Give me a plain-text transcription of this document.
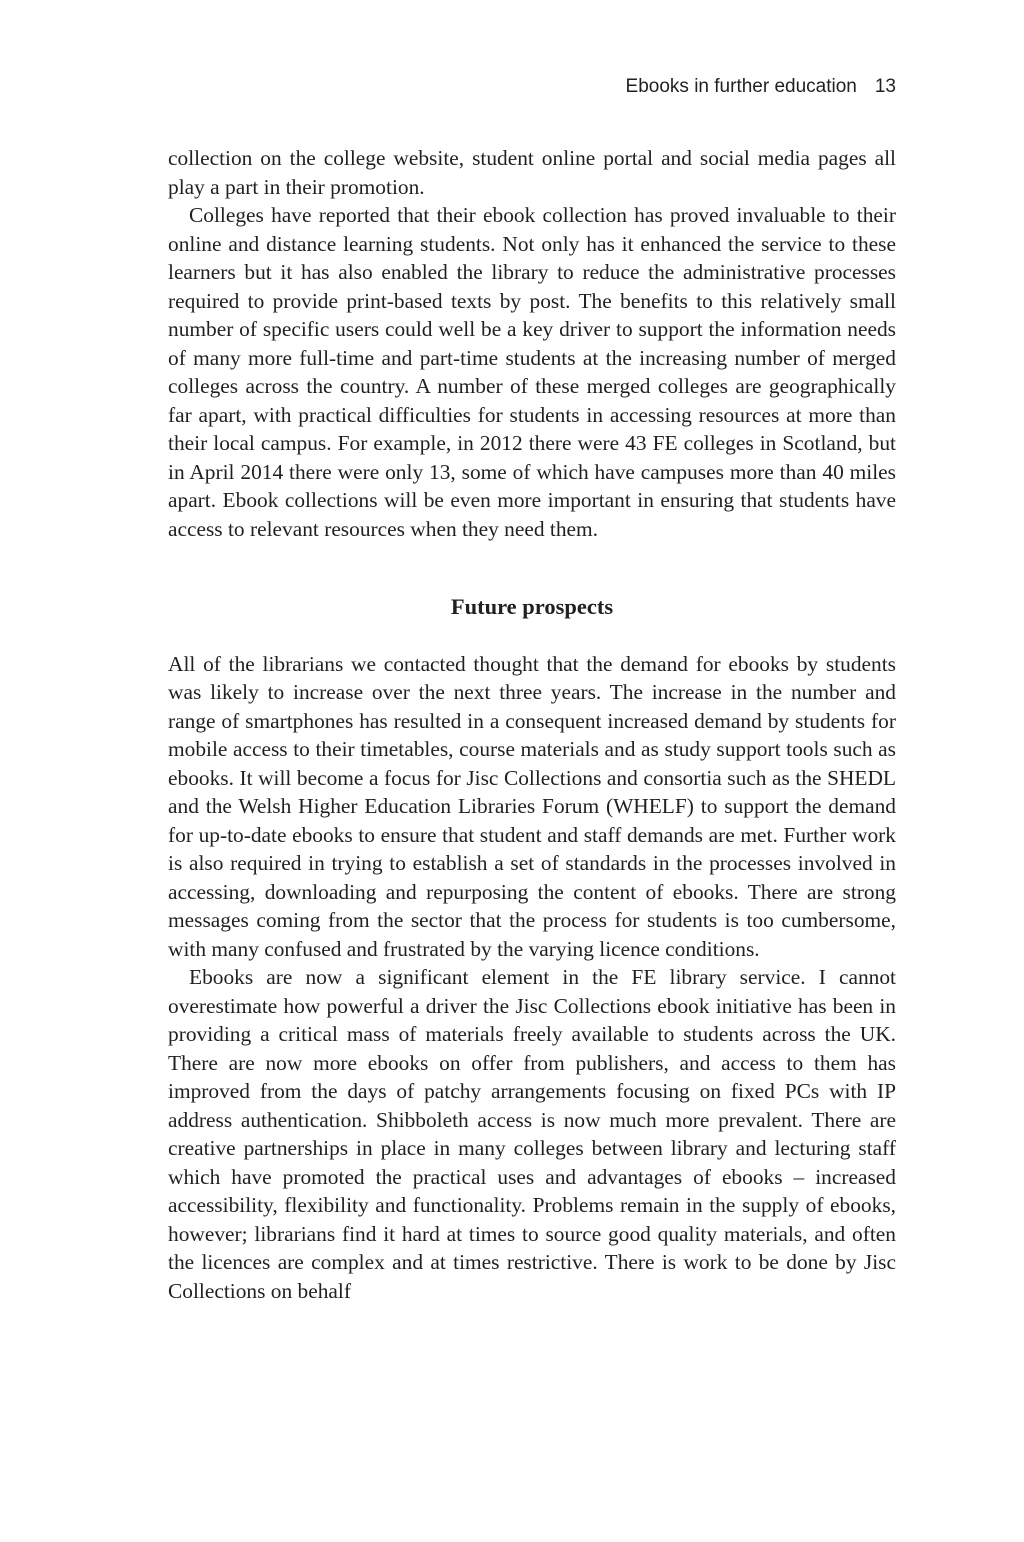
Ebooks in further education 13

collection on the college website, student online portal and social media pages all play a part in their promotion.

Colleges have reported that their ebook collection has proved invaluable to their online and distance learning students. Not only has it enhanced the service to these learners but it has also enabled the library to reduce the administrative processes required to provide print-based texts by post. The benefits to this relatively small number of specific users could well be a key driver to support the information needs of many more full-time and part-time students at the increasing number of merged colleges across the country. A number of these merged colleges are geographically far apart, with practical difficulties for students in accessing resources at more than their local campus. For example, in 2012 there were 43 FE colleges in Scotland, but in April 2014 there were only 13, some of which have campuses more than 40 miles apart. Ebook collections will be even more important in ensuring that students have access to relevant resources when they need them.

Future prospects

All of the librarians we contacted thought that the demand for ebooks by students was likely to increase over the next three years. The increase in the number and range of smartphones has resulted in a consequent increased demand by students for mobile access to their timetables, course materials and as study support tools such as ebooks. It will become a focus for Jisc Collections and consortia such as the SHEDL and the Welsh Higher Education Libraries Forum (WHELF) to support the demand for up-to-date ebooks to ensure that student and staff demands are met. Further work is also required in trying to establish a set of standards in the processes involved in accessing, downloading and repurposing the content of ebooks. There are strong messages coming from the sector that the process for students is too cumbersome, with many confused and frustrated by the varying licence conditions.

Ebooks are now a significant element in the FE library service. I cannot overestimate how powerful a driver the Jisc Collections ebook initiative has been in providing a critical mass of materials freely available to students across the UK. There are now more ebooks on offer from publishers, and access to them has improved from the days of patchy arrangements focusing on fixed PCs with IP address authentication. Shibboleth access is now much more prevalent. There are creative partnerships in place in many colleges between library and lecturing staff which have promoted the practical uses and advantages of ebooks – increased accessibility, flexibility and functionality. Problems remain in the supply of ebooks, however; librarians find it hard at times to source good quality materials, and often the licences are complex and at times restrictive. There is work to be done by Jisc Collections on behalf
